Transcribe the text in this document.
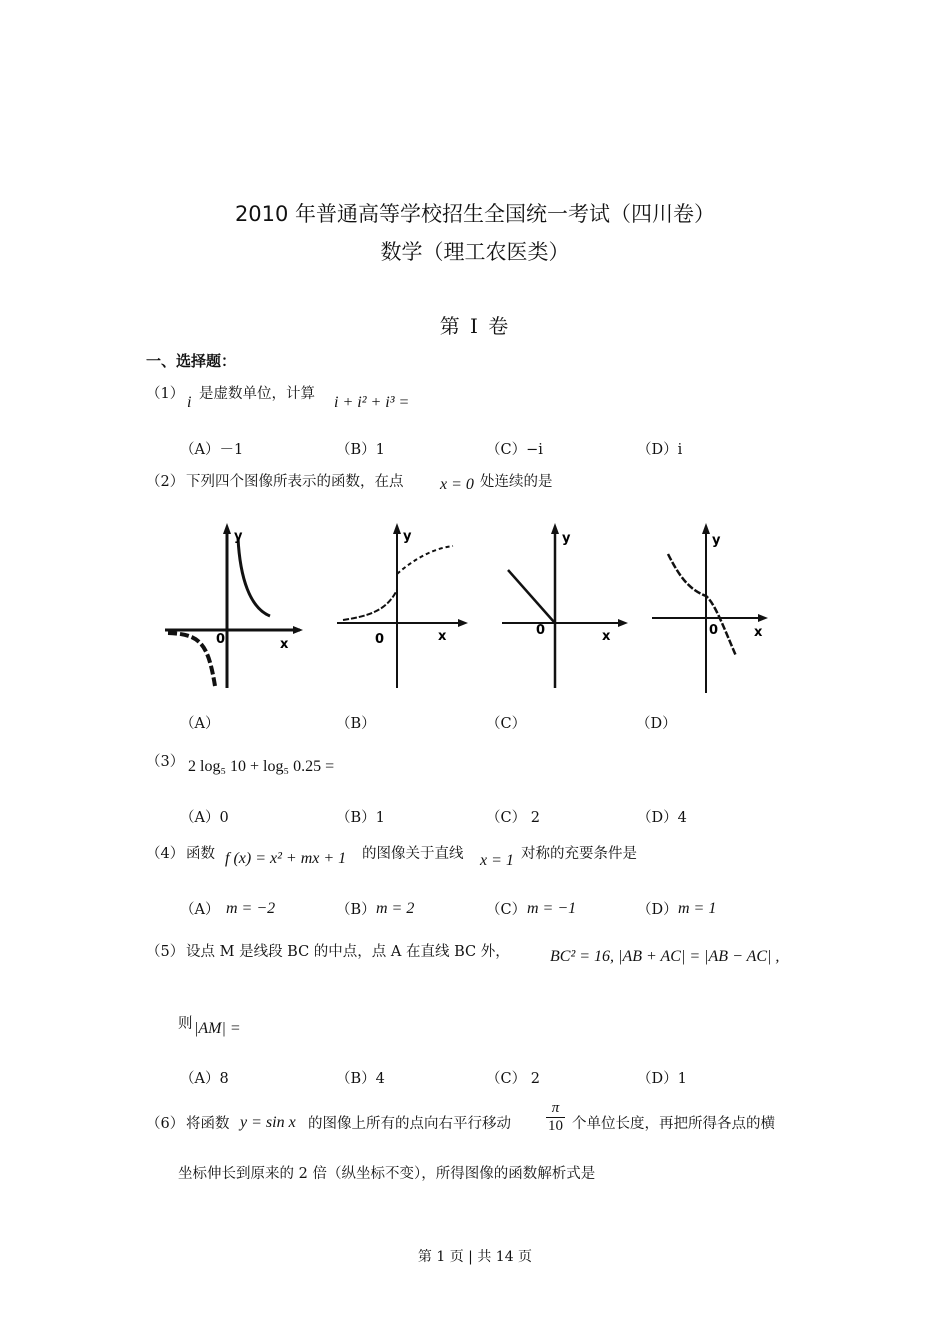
2010 年普通高等学校招生全国统一考试（四川卷）
数学（理工农医类）
第 I 卷
一、选择题：
（1） i 是虚数单位，计算 i + i² + i³ =
（A）－1	（B）1	（C）−i	（D）i
（2） 下列四个图像所表示的函数，在点 x = 0 处连续的是
y
x
0
y
x
0
y
x
0
y
x
0
（A）	（B）	（C）	（D）
（3） 2 log₅ 10 + log₅ 0.25 =
（A）0	（B）1	（C） 2	（D）4
（4） 函数 f (x) = x² + mx + 1 的图像关于直线 x = 1 对称的充要条件是
（A） m = −2	（B） m = 2	（C） m = −1	（D） m = 1
（5） 设点 M 是线段 BC 的中点，点 A 在直线 BC 外，	BC² = 16, |AB + AC| = |AB − AC| ,
则 |AM| =
（A）8	（B）4	（C） 2	（D）1
（6） 将函数 y = sin x 的图像上所有的点向右平行移动 $\frac{\pi}{10}$ 个单位长度，再把所得各点的横
坐标伸长到原来的 2 倍（纵坐标不变），所得图像的函数解析式是
第 1 页 | 共 14 页
